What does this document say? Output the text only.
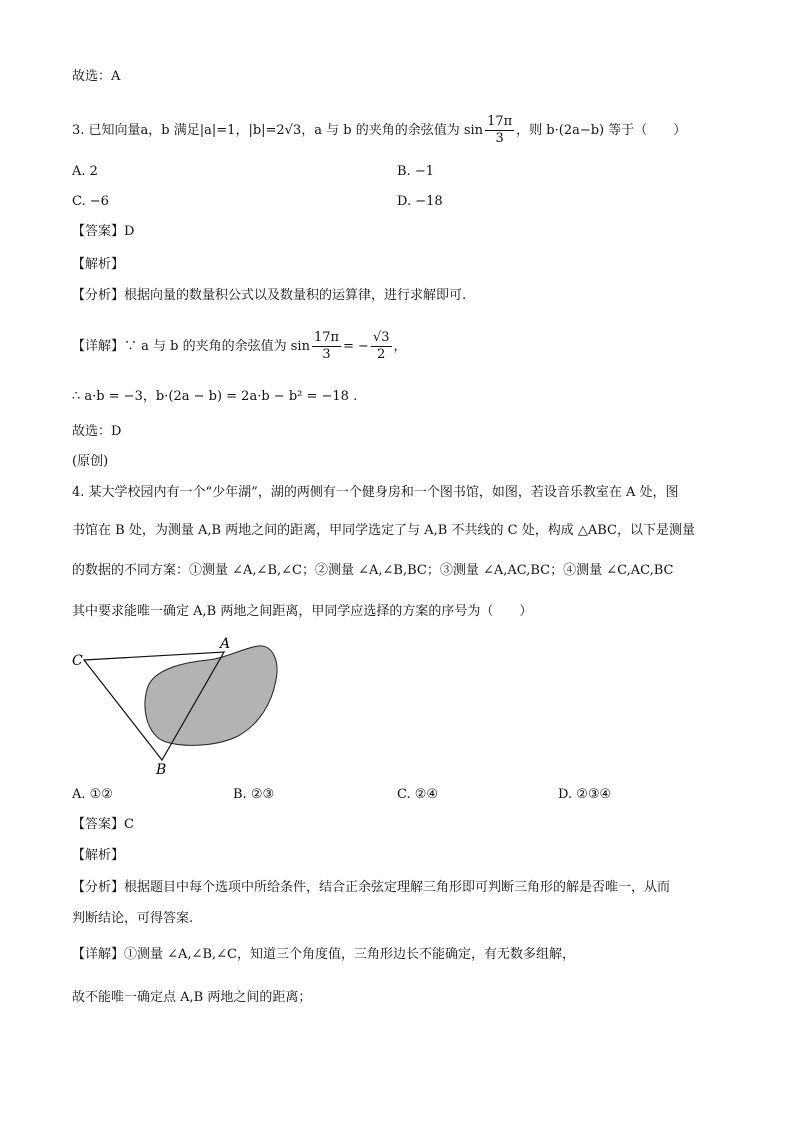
故选：A
3. 已知向量a，b 满足|a|=1，|b|=2√3，a 与 b 的夹角的余弦值为 $\sin \frac{17\pi}{3}$ ，则 b·(2a−b) 等于（　　）
A. 2	B. −1
C. −6	D. −18
【答案】D
【解析】
【分析】根据向量的数量积公式以及数量积的运算律，进行求解即可.
【详解】∵ a 与 b 的夹角的余弦值为 $\sin \frac{17\pi}{3}$ = − $\frac{√3}{2}$ ，
∴ a·b = −3，b·(2a − b) = 2a·b − b² = −18 .
故选：D
(原创)
4. 某大学校园内有一个“少年湖”，湖的两侧有一个健身房和一个图书馆，如图，若设音乐教室在 A 处，图
书馆在 B 处，为测量 A,B 两地之间的距离，甲同学选定了与 A,B 不共线的 C 处，构成 △ABC，以下是测量
的数据的不同方案：①测量 ∠A,∠B,∠C；②测量 ∠A,∠B,BC；③测量 ∠A,AC,BC；④测量 ∠C,AC,BC
其中要求能唯一确定 A,B 两地之间距离，甲同学应选择的方案的序号为（　　）
C
A
B
A. ①②	B. ②③	C. ②④	D. ②③④
【答案】C
【解析】
【分析】根据题目中每个选项中所给条件，结合正余弦定理解三角形即可判断三角形的解是否唯一，从而
判断结论，可得答案.
【详解】①测量 ∠A,∠B,∠C，知道三个角度值，三角形边长不能确定，有无数多组解，
故不能唯一确定点 A,B 两地之间的距离；
